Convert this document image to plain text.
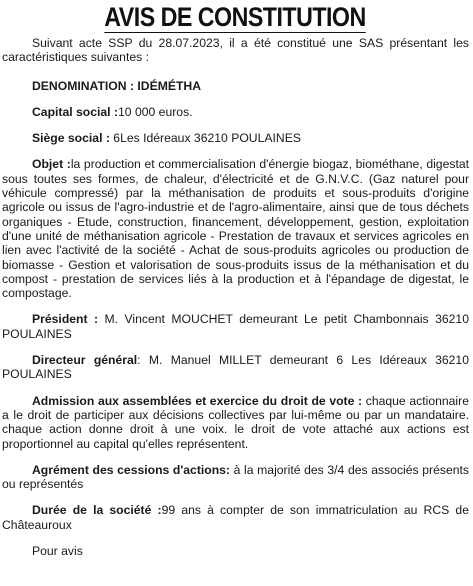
AVIS DE CONSTITUTION

Suivant acte SSP du 28.07.2023, il a été constitué une SAS présentant les caractéristiques suivantes :

DENOMINATION : IDÉMÉTHA

Capital social :10 000 euros.

Siège social : 6Les Idéreaux 36210 POULAINES

Objet :la production et commercialisation d'énergie biogaz, biométhane, digestat sous toutes ses formes, de chaleur, d'électricité et de G.N.V.C. (Gaz naturel pour véhicule compressé) par la méthanisation de produits et sous-produits d'origine agricole ou issus de l'agro-industrie et de l'agro-alimentaire, ainsi que de tous déchets organiques - Etude, construction, financement, développement, gestion, exploitation d'une unité de méthanisation agricole - Prestation de travaux et services agricoles en lien avec l'activité de la société - Achat de sous-produits agricoles ou production de biomasse - Gestion et valorisation de sous-produits issus de la méthanisation et du compost - prestation de services liés à la production et à l'épandage de digestat, le compostage.

Président : M. Vincent MOUCHET demeurant Le petit Chambonnais 36210 POULAINES

Directeur général: M. Manuel MILLET demeurant 6 Les Idéreaux 36210 POULAINES

Admission aux assemblées et exercice du droit de vote : chaque actionnaire a le droit de participer aux décisions collectives par lui-même ou par un mandataire. chaque action donne droit à une voix. le droit de vote attaché aux actions est proportionnel au capital qu'elles représentent.

Agrément des cessions d'actions: à la majorité des 3/4 des associés présents ou représentés

Durée de la société :99 ans à compter de son immatriculation au RCS de Châteauroux

Pour avis
